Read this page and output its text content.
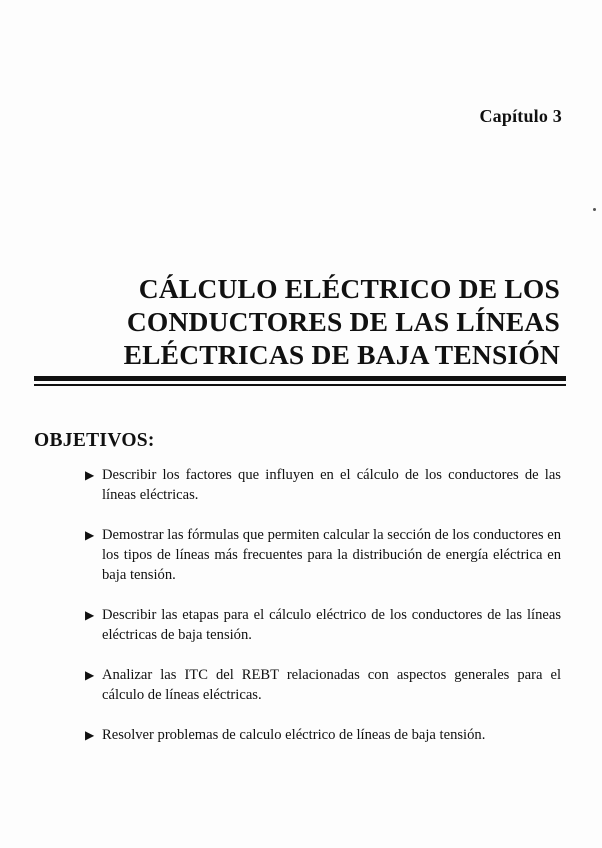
Capítulo 3
CÁLCULO ELÉCTRICO DE LOS
CONDUCTORES DE LAS LÍNEAS
ELÉCTRICAS DE BAJA TENSIÓN
OBJETIVOS:
▶ Describir los factores que influyen en el cálculo de los conductores de las líneas eléctricas.
▶ Demostrar las fórmulas que permiten calcular la sección de los conductores en los tipos de líneas más frecuentes para la distribución de energía eléctrica en baja tensión.
▶ Describir las etapas para el cálculo eléctrico de los conductores de las líneas eléctricas de baja tensión.
▶ Analizar las ITC del REBT relacionadas con aspectos generales para el cálculo de líneas eléctricas.
▶ Resolver problemas de calculo eléctrico de líneas de baja tensión.
